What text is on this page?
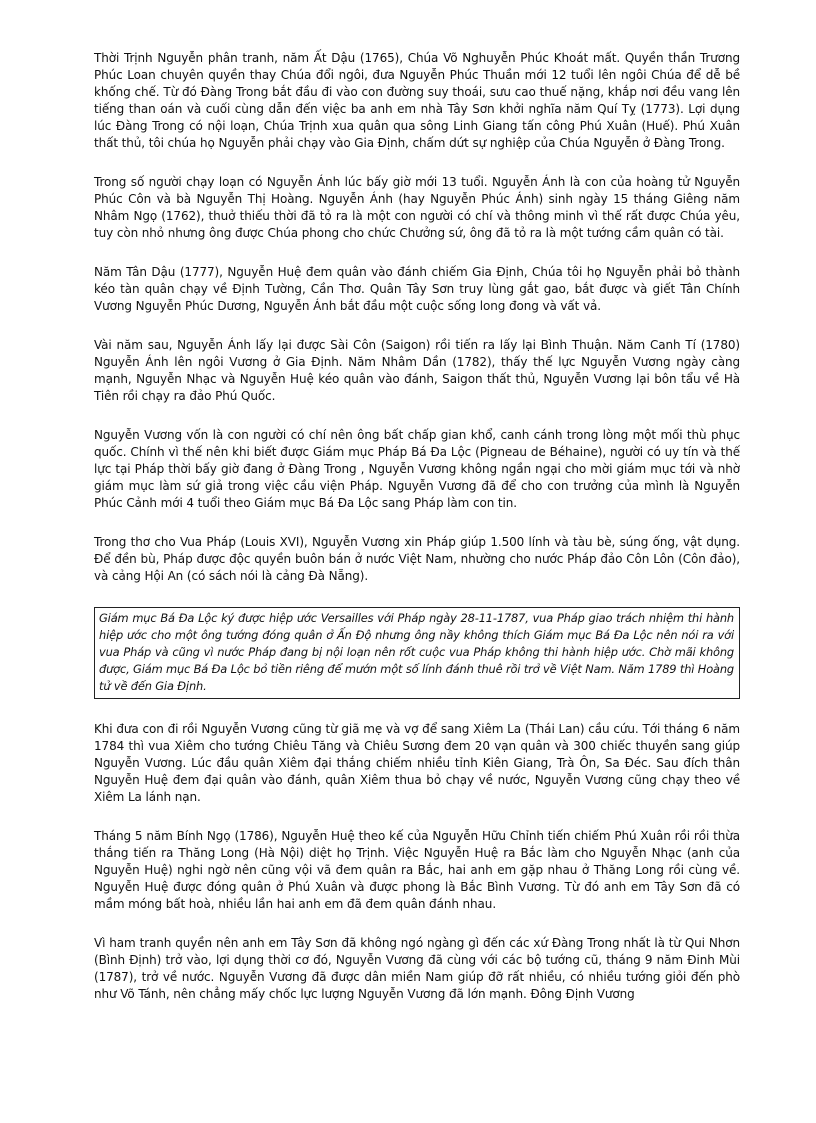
Thời Trịnh Nguyễn phân tranh, năm Ất Dậu (1765), Chúa Võ Nghuyễn Phúc Khoát mất. Quyền thần Trương Phúc Loan chuyên quyền thay Chúa đổi ngôi, đưa Nguyễn Phúc Thuần mới 12 tuổi lên ngôi Chúa để dễ bề khống chế. Từ đó Đàng Trong bắt đầu đi vào con đường suy thoái, sưu cao thuế nặng, khắp nơi đều vang lên tiếng than oán và cuối cùng dẫn đến việc ba anh em nhà Tây Sơn khởi nghĩa năm Quí Tỵ (1773). Lợi dụng lúc Đàng Trong có nội loạn, Chúa Trịnh xua quân qua sông Linh Giang tấn công Phú Xuân (Huế). Phú Xuân thất thủ, tôi chúa họ Nguyễn phải chạy vào Gia Định, chấm dứt sự nghiệp của Chúa Nguyễn ở Đàng Trong.

Trong số người chạy loạn có Nguyễn Ánh lúc bấy giờ mới 13 tuổi. Nguyễn Ánh là con của hoàng tử Nguyễn Phúc Côn và bà Nguyễn Thị Hoàng. Nguyễn Ánh (hay Nguyễn Phúc Ánh) sinh ngày 15 tháng Giêng năm Nhâm Ngọ (1762), thuở thiếu thời đã tỏ ra là một con người có chí và thông minh vì thế rất được Chúa yêu, tuy còn nhỏ nhưng ông được Chúa phong cho chức Chưởng sứ, ông đã tỏ ra là một tướng cầm quân có tài.

Năm Tân Dậu (1777), Nguyễn Huệ đem quân vào đánh chiếm Gia Định, Chúa tôi họ Nguyễn phải bỏ thành kéo tàn quân chạy về Định Tường, Cần Thơ. Quân Tây Sơn truy lùng gắt gao, bắt được và giết Tân Chính Vương Nguyễn Phúc Dương, Nguyễn Ánh bắt đầu một cuộc sống long đong và vất vả.

Vài năm sau, Nguyễn Ánh lấy lại được Sài Côn (Saigon) rồi tiến ra lấy lại Bình Thuận. Năm Canh Tí (1780) Nguyễn Ánh lên ngôi Vương ở Gia Định. Năm Nhâm Dần (1782), thấy thế lực Nguyễn Vương ngày càng mạnh, Nguyễn Nhạc và Nguyễn Huệ kéo quân vào đánh, Saigon thất thủ, Nguyễn Vương lại bôn tẩu về Hà Tiên rồi chạy ra đảo Phú Quốc.

Nguyễn Vương vốn là con người có chí nên ông bất chấp gian khổ, canh cánh trong lòng một mối thù phục quốc. Chính vì thế nên khi biết được Giám mục Pháp Bá Đa Lộc (Pigneau de Béhaine), người có uy tín và thế lực tại Pháp thời bấy giờ đang ở Đàng Trong , Nguyễn Vương không ngần ngại cho mời giám mục tới và nhờ giám mục làm sứ giả trong việc cầu viện Pháp. Nguyễn Vương đã để cho con trưởng của mình là Nguyễn Phúc Cảnh mới 4 tuổi theo Giám mục Bá Đa Lộc sang Pháp làm con tin.

Trong thơ cho Vua Pháp (Louis XVI), Nguyễn Vương xin Pháp giúp 1.500 lính và tàu bè, súng ống, vật dụng. Để đền bù, Pháp được độc quyền buôn bán ở nước Việt Nam, nhường cho nước Pháp đảo Côn Lôn (Côn đảo), và cảng Hội An (có sách nói là cảng Đà Nẵng).

Giám mục Bá Đa Lộc ký được hiệp ước Versailles với Pháp ngày 28-11-1787, vua Pháp giao trách nhiệm thi hành hiệp ước cho một ông tướng đóng quân ở Ấn Độ nhưng ông nầy không thích Giám mục Bá Đa Lộc nên nói ra với vua Pháp và cũng vì nước Pháp đang bị nội loạn nên rốt cuộc vua Pháp không thi hành hiệp ước. Chờ mãi không được, Giám mục Bá Đa Lộc bỏ tiền riêng để mướn một số lính đánh thuê rồi trở về Việt Nam. Năm 1789 thì Hoàng tử về đến Gia Định.

Khi đưa con đi rồi Nguyễn Vương cũng từ giã mẹ và vợ để sang Xiêm La (Thái Lan) cầu cứu. Tới tháng 6 năm 1784 thì vua Xiêm cho tướng Chiêu Tăng và Chiêu Sương đem 20 vạn quân và 300 chiếc thuyền sang giúp Nguyễn Vương. Lúc đầu quân Xiêm đại thắng chiếm nhiều tỉnh Kiên Giang, Trà Ôn, Sa Đéc. Sau đích thân Nguyễn Huệ đem đại quân vào đánh, quân Xiêm thua bỏ chạy về nước, Nguyễn Vương cũng chạy theo về Xiêm La lánh nạn.

Tháng 5 năm Bính Ngọ (1786), Nguyễn Huệ theo kế của Nguyễn Hữu Chỉnh tiến chiếm Phú Xuân rồi rồi thừa thắng tiến ra Thăng Long (Hà Nội) diệt họ Trịnh. Việc Nguyễn Huệ ra Bắc làm cho Nguyễn Nhạc (anh của Nguyễn Huệ) nghi ngờ nên cũng vội vã đem quân ra Bắc, hai anh em gặp nhau ở Thăng Long rồi cùng về. Nguyễn Huệ được đóng quân ở Phú Xuân và được phong là Bắc Bình Vương. Từ đó anh em Tây Sơn đã có mầm móng bất hoà, nhiều lần hai anh em đã đem quân đánh nhau.

Vì ham tranh quyền nên anh em Tây Sơn đã không ngó ngàng gì đến các xứ Đàng Trong nhất là từ Qui Nhơn (Bình Định) trở vào, lợi dụng thời cơ đó, Nguyễn Vương đã cùng với các bộ tướng cũ, tháng 9 năm Đinh Mùi (1787), trở về nước. Nguyễn Vương đã được dân miền Nam giúp đỡ rất nhiều, có nhiều tướng giỏi đến phò như Võ Tánh, nên chẳng mấy chốc lực lượng Nguyễn Vương đã lớn mạnh. Đông Định Vương
